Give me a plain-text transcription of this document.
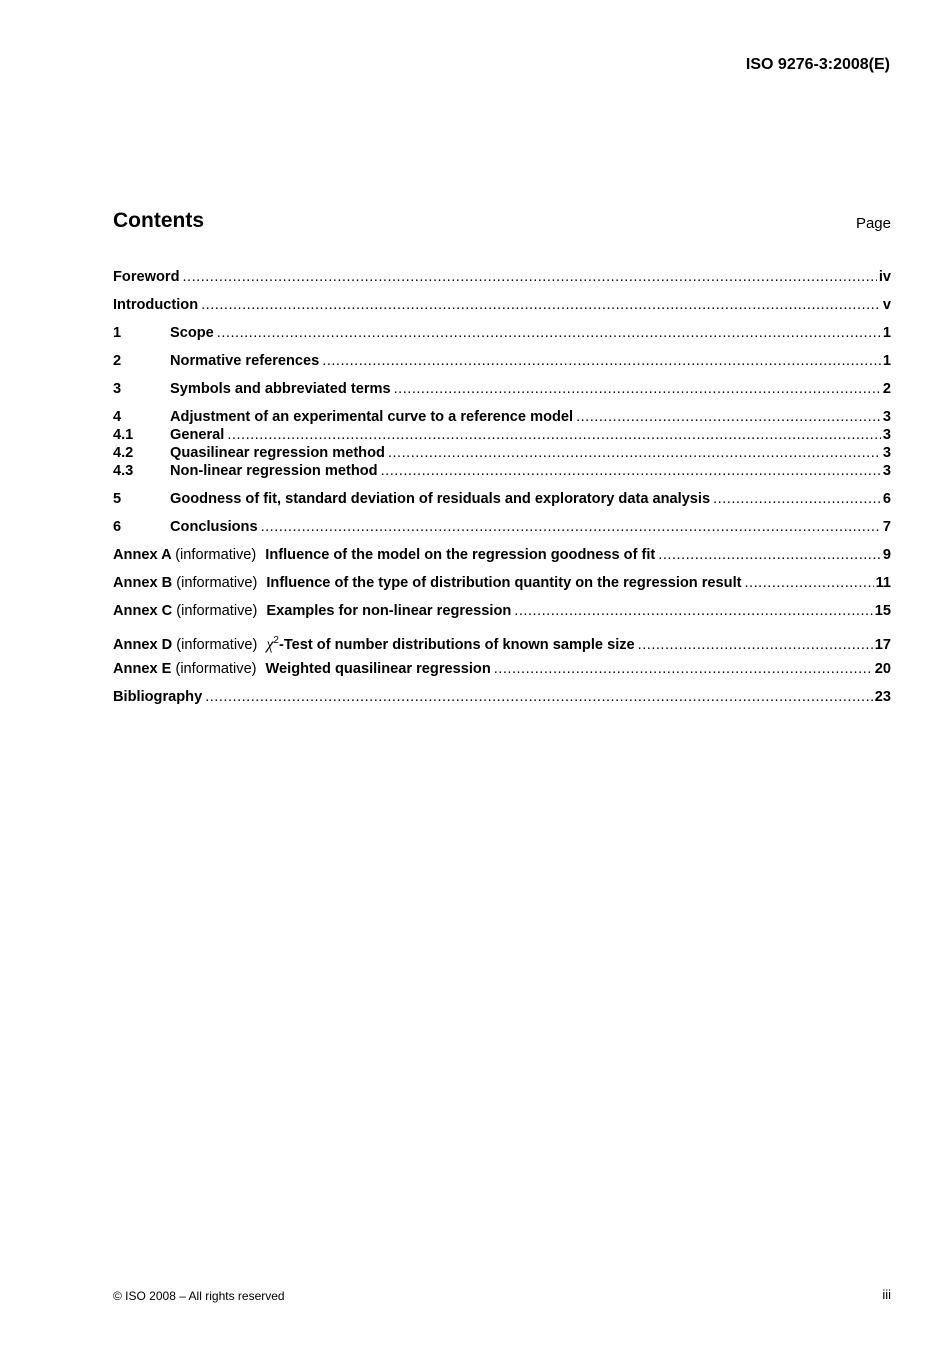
ISO 9276-3:2008(E)
Contents	Page
Foreword .....	iv
Introduction .....	v
1	Scope .....	1
2	Normative references .....	1
3	Symbols and abbreviated terms .....	2
4	Adjustment of an experimental curve to a reference model .....	3
4.1	General .....	3
4.2	Quasilinear regression method .....	3
4.3	Non-linear regression method .....	3
5	Goodness of fit, standard deviation of residuals and exploratory data analysis .....	6
6	Conclusions .....	7
Annex A (informative) Influence of the model on the regression goodness of fit .....	9
Annex B (informative) Influence of the type of distribution quantity on the regression result .....	11
Annex C (informative) Examples for non-linear regression .....	15
Annex D (informative) $\chi^2$-Test of number distributions of known sample size .....	17
Annex E (informative) Weighted quasilinear regression .....	20
Bibliography .....	23
© ISO 2008 – All rights reserved	iii
